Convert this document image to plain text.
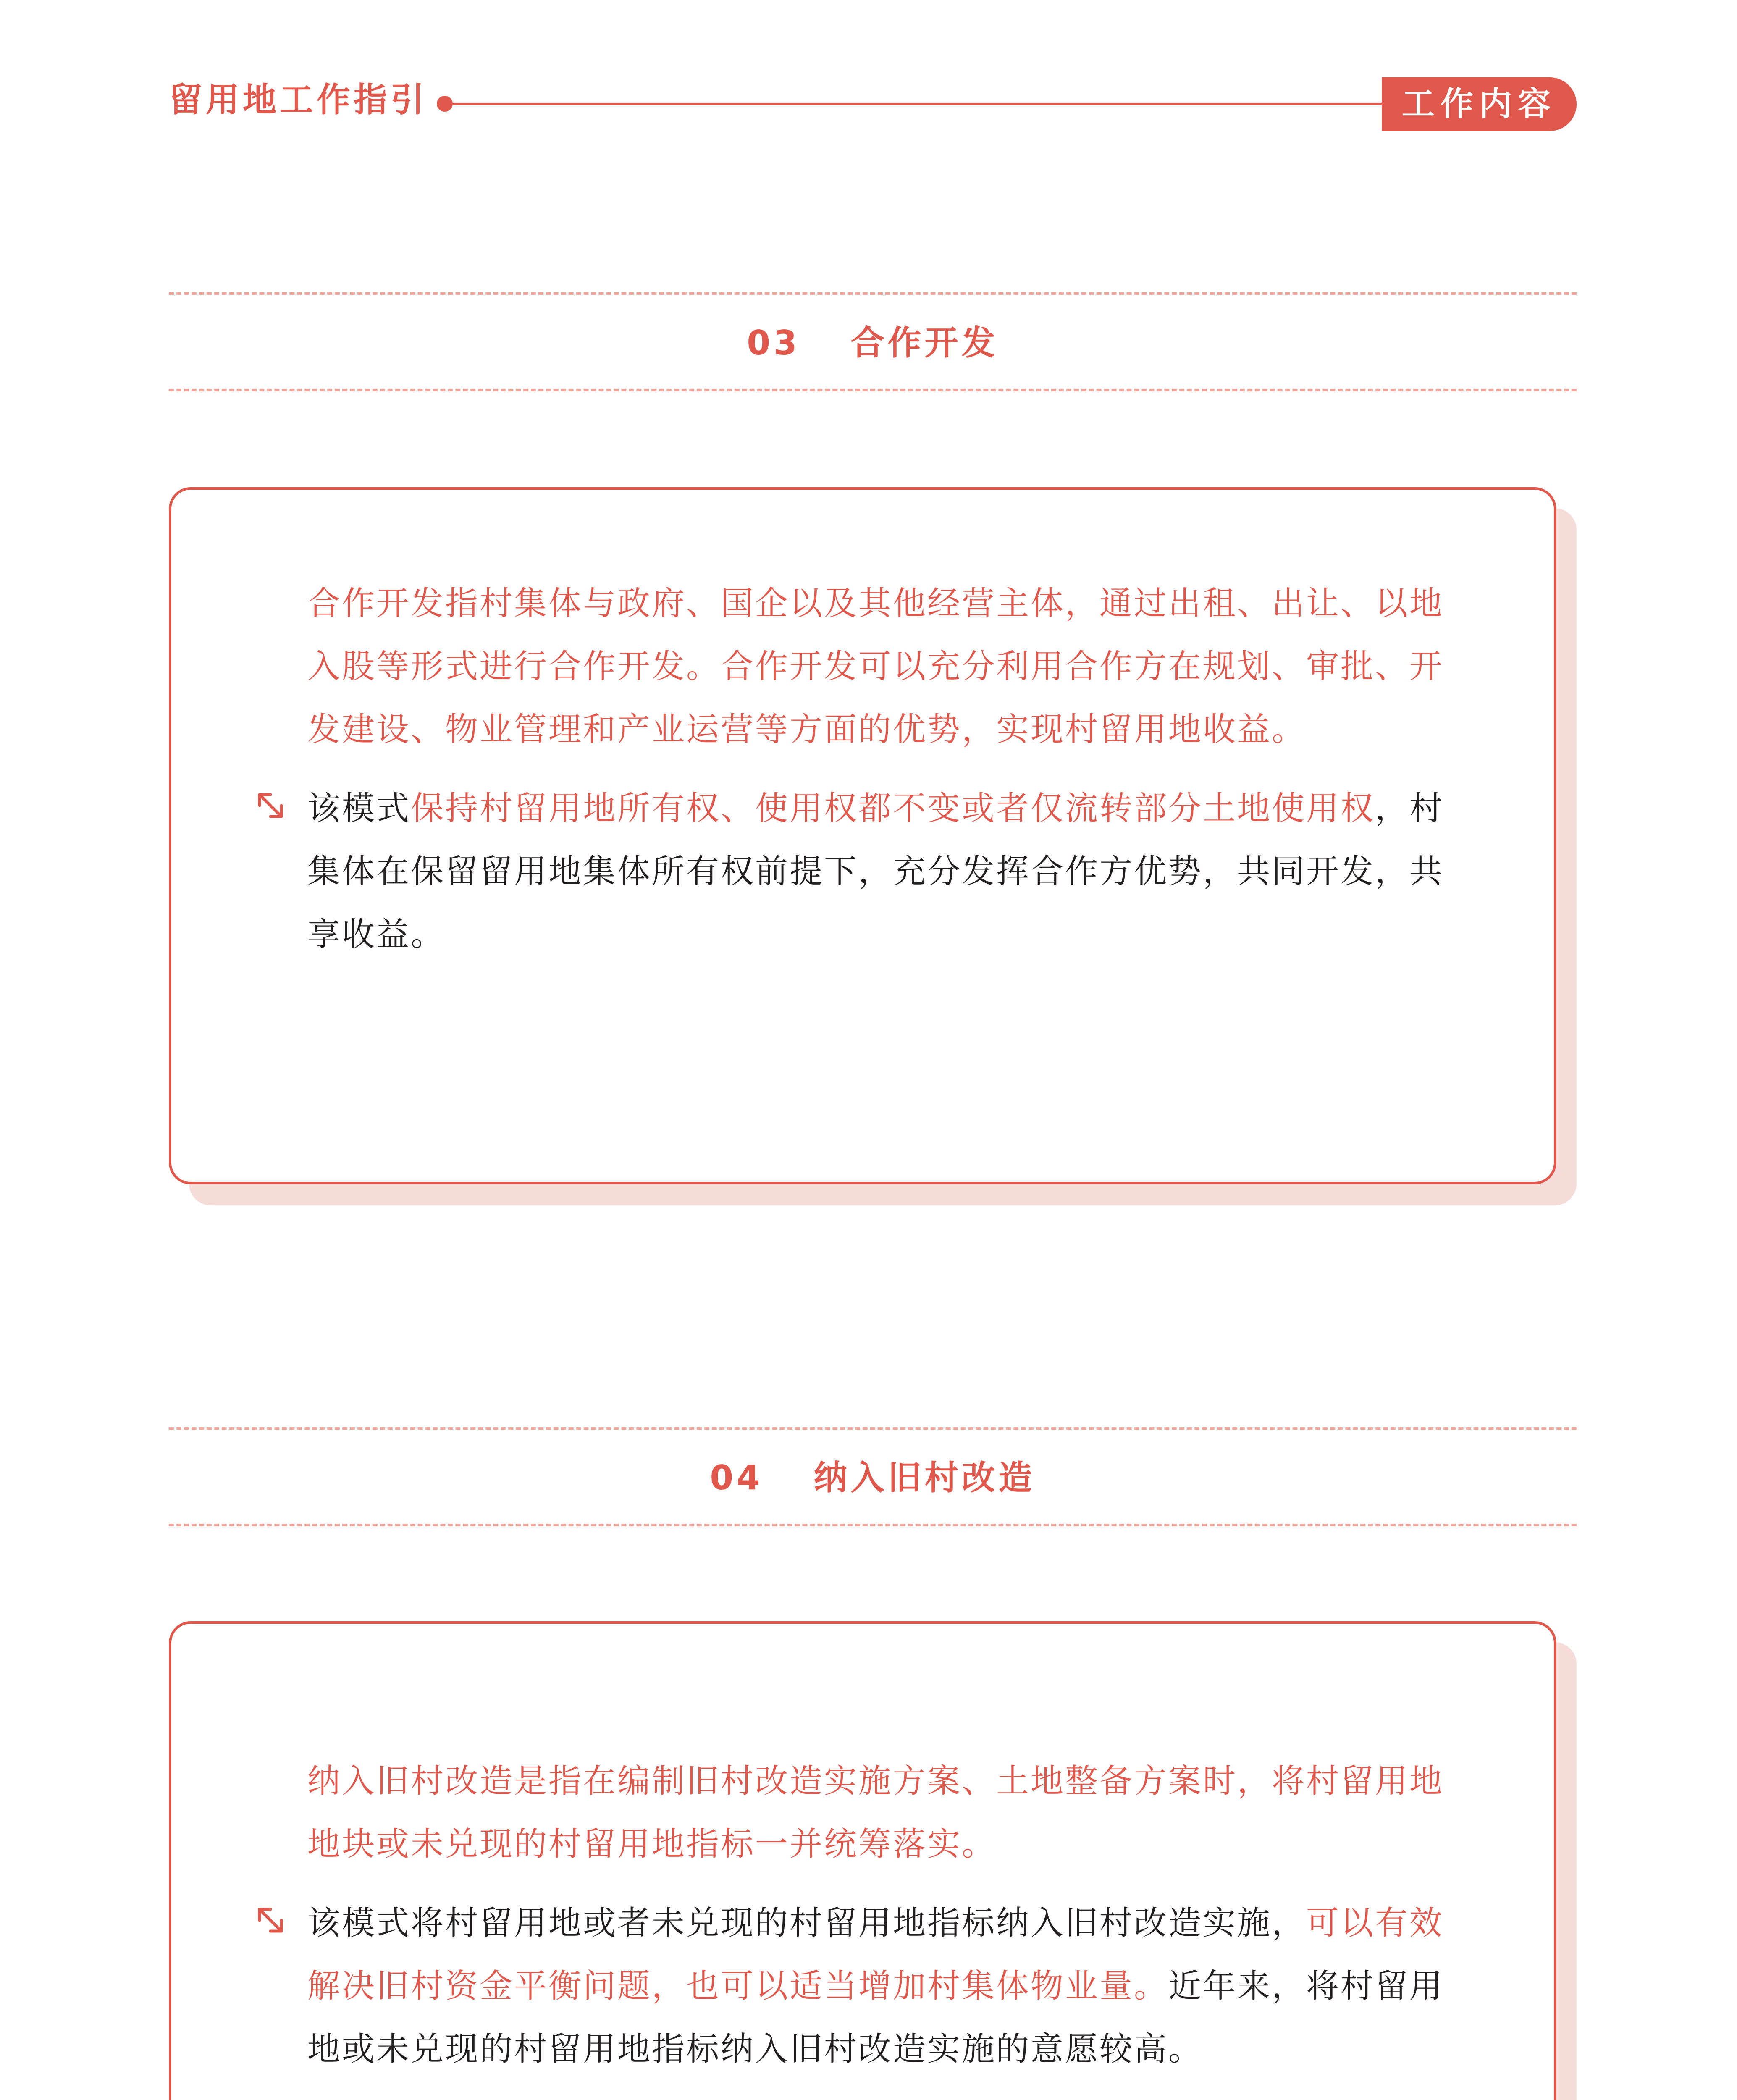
留用地工作指引	工作内容
03 合作开发
合作开发指村集体与政府、国企以及其他经营主体，通过出租、出让、以地入股等形式进行合作开发。合作开发可以充分利用合作方在规划、审批、开发建设、物业管理和产业运营等方面的优势，实现村留用地收益。
该模式保持村留用地所有权、使用权都不变或者仅流转部分土地使用权，村集体在保留留用地集体所有权前提下，充分发挥合作方优势，共同开发，共享收益。
04 纳入旧村改造
纳入旧村改造是指在编制旧村改造实施方案、土地整备方案时，将村留用地地块或未兑现的村留用地指标一并统筹落实。
该模式将村留用地或者未兑现的村留用地指标纳入旧村改造实施，可以有效解决旧村资金平衡问题，也可以适当增加村集体物业量。近年来，将村留用地或未兑现的村留用地指标纳入旧村改造实施的意愿较高。
